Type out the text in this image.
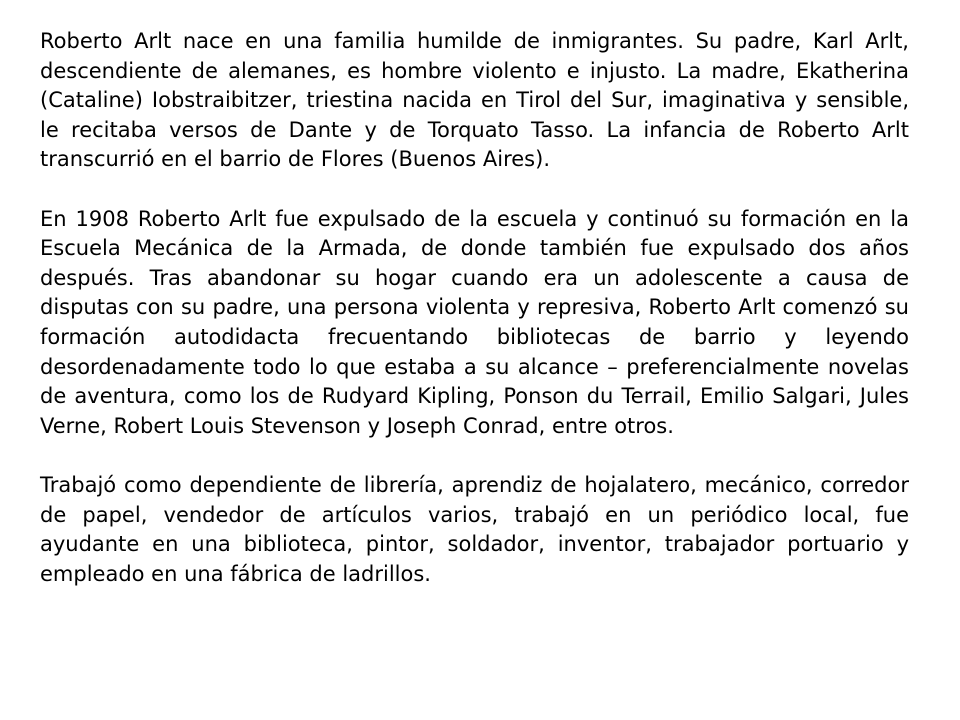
Roberto Arlt nace en una familia humilde de inmigrantes. Su padre, Karl Arlt, descendiente de alemanes, es hombre violento e injusto. La madre, Ekatherina (Cataline) Iobstraibitzer, triestina nacida en Tirol del Sur, imaginativa y sensible, le recitaba versos de Dante y de Torquato Tasso. La infancia de Roberto Arlt transcurrió en el barrio de Flores (Buenos Aires).

En 1908 Roberto Arlt fue expulsado de la escuela y continuó su formación en la Escuela Mecánica de la Armada, de donde también fue expulsado dos años después. Tras abandonar su hogar cuando era un adolescente a causa de disputas con su padre, una persona violenta y represiva, Roberto Arlt comenzó su formación autodidacta frecuentando bibliotecas de barrio y leyendo desordenadamente todo lo que estaba a su alcance – preferencialmente novelas de aventura, como los de Rudyard Kipling, Ponson du Terrail, Emilio Salgari, Jules Verne, Robert Louis Stevenson y Joseph Conrad, entre otros.

Trabajó como dependiente de librería, aprendiz de hojalatero, mecánico, corredor de papel, vendedor de artículos varios, trabajó en un periódico local, fue ayudante en una biblioteca, pintor, soldador, inventor, trabajador portuario y empleado en una fábrica de ladrillos.
